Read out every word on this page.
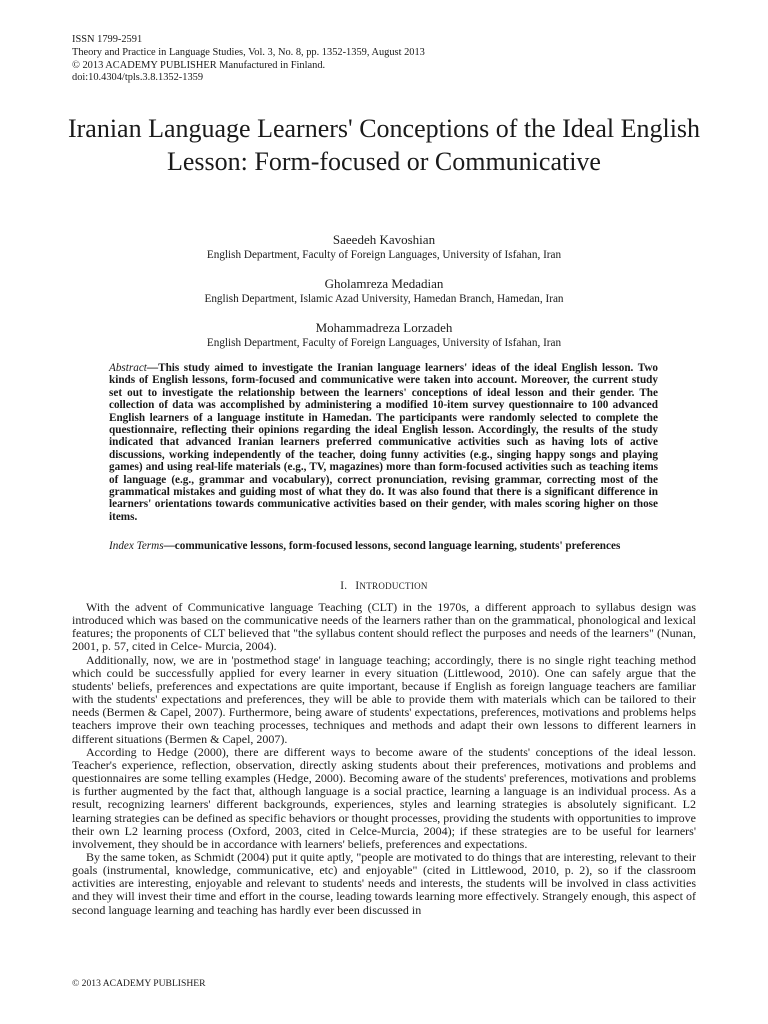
ISSN 1799-2591
Theory and Practice in Language Studies, Vol. 3, No. 8, pp. 1352-1359, August 2013
© 2013 ACADEMY PUBLISHER Manufactured in Finland.
doi:10.4304/tpls.3.8.1352-1359
Iranian Language Learners' Conceptions of the Ideal English Lesson: Form-focused or Communicative
Saeedeh Kavoshian
English Department, Faculty of Foreign Languages, University of Isfahan, Iran
Gholamreza Medadian
English Department, Islamic Azad University, Hamedan Branch, Hamedan, Iran
Mohammadreza Lorzadeh
English Department, Faculty of Foreign Languages, University of Isfahan, Iran

Abstract—This study aimed to investigate the Iranian language learners' ideas of the ideal English lesson. Two kinds of English lessons, form-focused and communicative were taken into account. Moreover, the current study set out to investigate the relationship between the learners' conceptions of ideal lesson and their gender. The collection of data was accomplished by administering a modified 10-item survey questionnaire to 100 advanced English learners of a language institute in Hamedan. The participants were randomly selected to complete the questionnaire, reflecting their opinions regarding the ideal English lesson. Accordingly, the results of the study indicated that advanced Iranian learners preferred communicative activities such as having lots of active discussions, working independently of the teacher, doing funny activities (e.g., singing happy songs and playing games) and using real-life materials (e.g., TV, magazines) more than form-focused activities such as teaching items of language (e.g., grammar and vocabulary), correct pronunciation, revising grammar, correcting most of the grammatical mistakes and guiding most of what they do. It was also found that there is a significant difference in learners' orientations towards communicative activities based on their gender, with males scoring higher on those items.

Index Terms—communicative lessons, form-focused lessons, second language learning, students' preferences

I. INTRODUCTION

With the advent of Communicative language Teaching (CLT) in the 1970s, a different approach to syllabus design was introduced which was based on the communicative needs of the learners rather than on the grammatical, phonological and lexical features; the proponents of CLT believed that "the syllabus content should reflect the purposes and needs of the learners" (Nunan, 2001, p. 57, cited in Celce- Murcia, 2004).

Additionally, now, we are in 'postmethod stage' in language teaching; accordingly, there is no single right teaching method which could be successfully applied for every learner in every situation (Littlewood, 2010). One can safely argue that the students' beliefs, preferences and expectations are quite important, because if English as foreign language teachers are familiar with the students' expectations and preferences, they will be able to provide them with materials which can be tailored to their needs (Bermen & Capel, 2007). Furthermore, being aware of students' expectations, preferences, motivations and problems helps teachers improve their own teaching processes, techniques and methods and adapt their own lessons to different learners in different situations (Bermen & Capel, 2007).

According to Hedge (2000), there are different ways to become aware of the students' conceptions of the ideal lesson. Teacher's experience, reflection, observation, directly asking students about their preferences, motivations and problems and questionnaires are some telling examples (Hedge, 2000). Becoming aware of the students' preferences, motivations and problems is further augmented by the fact that, although language is a social practice, learning a language is an individual process. As a result, recognizing learners' different backgrounds, experiences, styles and learning strategies is absolutely significant. L2 learning strategies can be defined as specific behaviors or thought processes, providing the students with opportunities to improve their own L2 learning process (Oxford, 2003, cited in Celce-Murcia, 2004); if these strategies are to be useful for learners' involvement, they should be in accordance with learners' beliefs, preferences and expectations.

By the same token, as Schmidt (2004) put it quite aptly, "people are motivated to do things that are interesting, relevant to their goals (instrumental, knowledge, communicative, etc) and enjoyable" (cited in Littlewood, 2010, p. 2), so if the classroom activities are interesting, enjoyable and relevant to students' needs and interests, the students will be involved in class activities and they will invest their time and effort in the course, leading towards learning more effectively. Strangely enough, this aspect of second language learning and teaching has hardly ever been discussed in

© 2013 ACADEMY PUBLISHER
